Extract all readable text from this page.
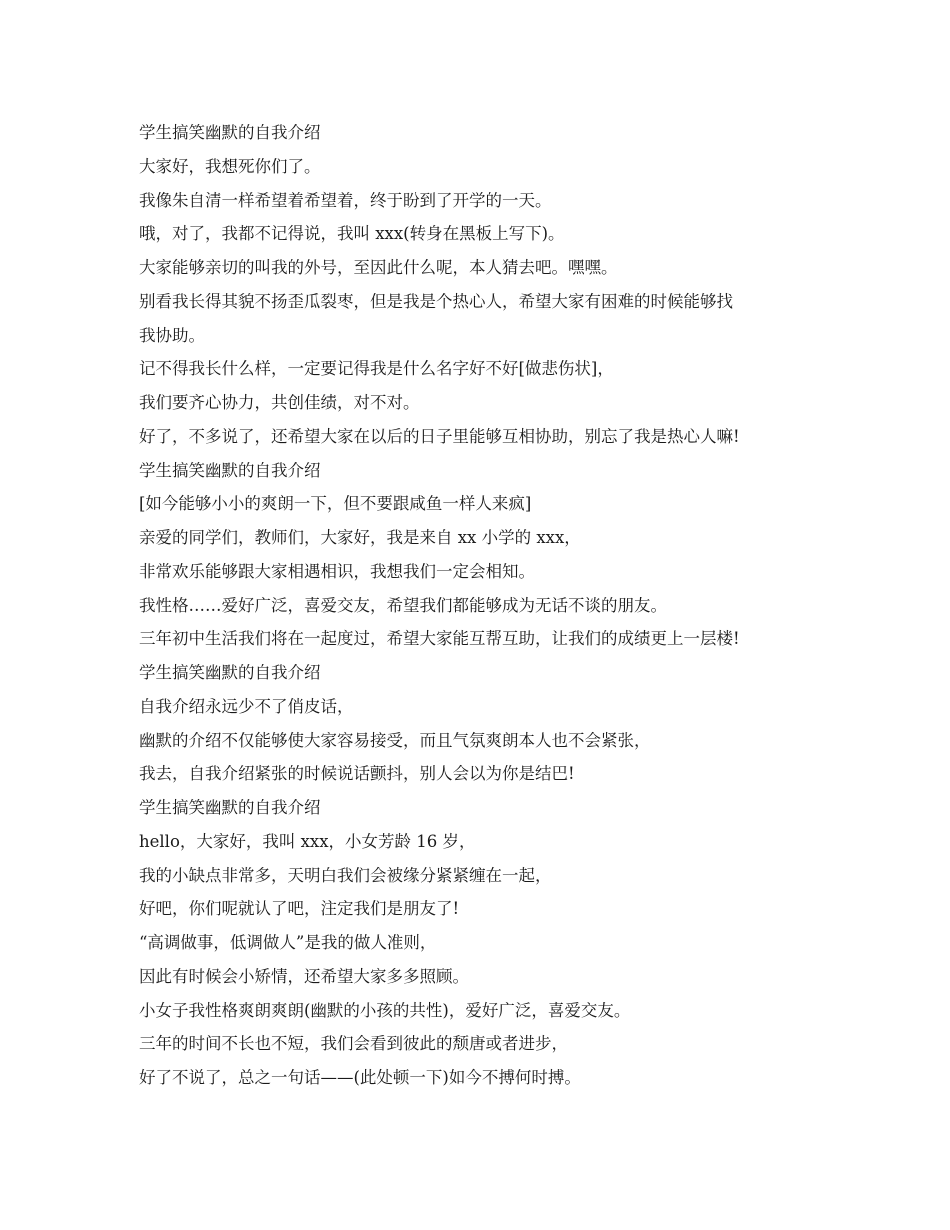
学生搞笑幽默的自我介绍
大家好，我想死你们了。
我像朱自清一样希望着希望着，终于盼到了开学的一天。
哦，对了，我都不记得说，我叫 xxx(转身在黑板上写下)。
大家能够亲切的叫我的外号，至因此什么呢，本人猜去吧。嘿嘿。
别看我长得其貌不扬歪瓜裂枣，但是我是个热心人，希望大家有困难的时候能够找
我协助。
记不得我长什么样，一定要记得我是什么名字好不好[做悲伤状]，
我们要齐心协力，共创佳绩，对不对。
好了，不多说了，还希望大家在以后的日子里能够互相协助，别忘了我是热心人嘛!
学生搞笑幽默的自我介绍
[如今能够小小的爽朗一下，但不要跟咸鱼一样人来疯]
亲爱的同学们，教师们，大家好，我是来自 xx 小学的 xxx，
非常欢乐能够跟大家相遇相识，我想我们一定会相知。
我性格……爱好广泛，喜爱交友，希望我们都能够成为无话不谈的朋友。
三年初中生活我们将在一起度过，希望大家能互帮互助，让我们的成绩更上一层楼!
学生搞笑幽默的自我介绍
自我介绍永远少不了俏皮话，
幽默的介绍不仅能够使大家容易接受，而且气氛爽朗本人也不会紧张，
我去，自我介绍紧张的时候说话颤抖，别人会以为你是结巴!
学生搞笑幽默的自我介绍
hello，大家好，我叫 xxx，小女芳龄 16 岁，
我的小缺点非常多，天明白我们会被缘分紧紧缠在一起，
好吧，你们呢就认了吧，注定我们是朋友了!
“高调做事，低调做人”是我的做人准则，
因此有时候会小矫情，还希望大家多多照顾。
小女子我性格爽朗爽朗(幽默的小孩的共性)，爱好广泛，喜爱交友。
三年的时间不长也不短，我们会看到彼此的颓唐或者进步，
好了不说了，总之一句话——(此处顿一下)如今不搏何时搏。
